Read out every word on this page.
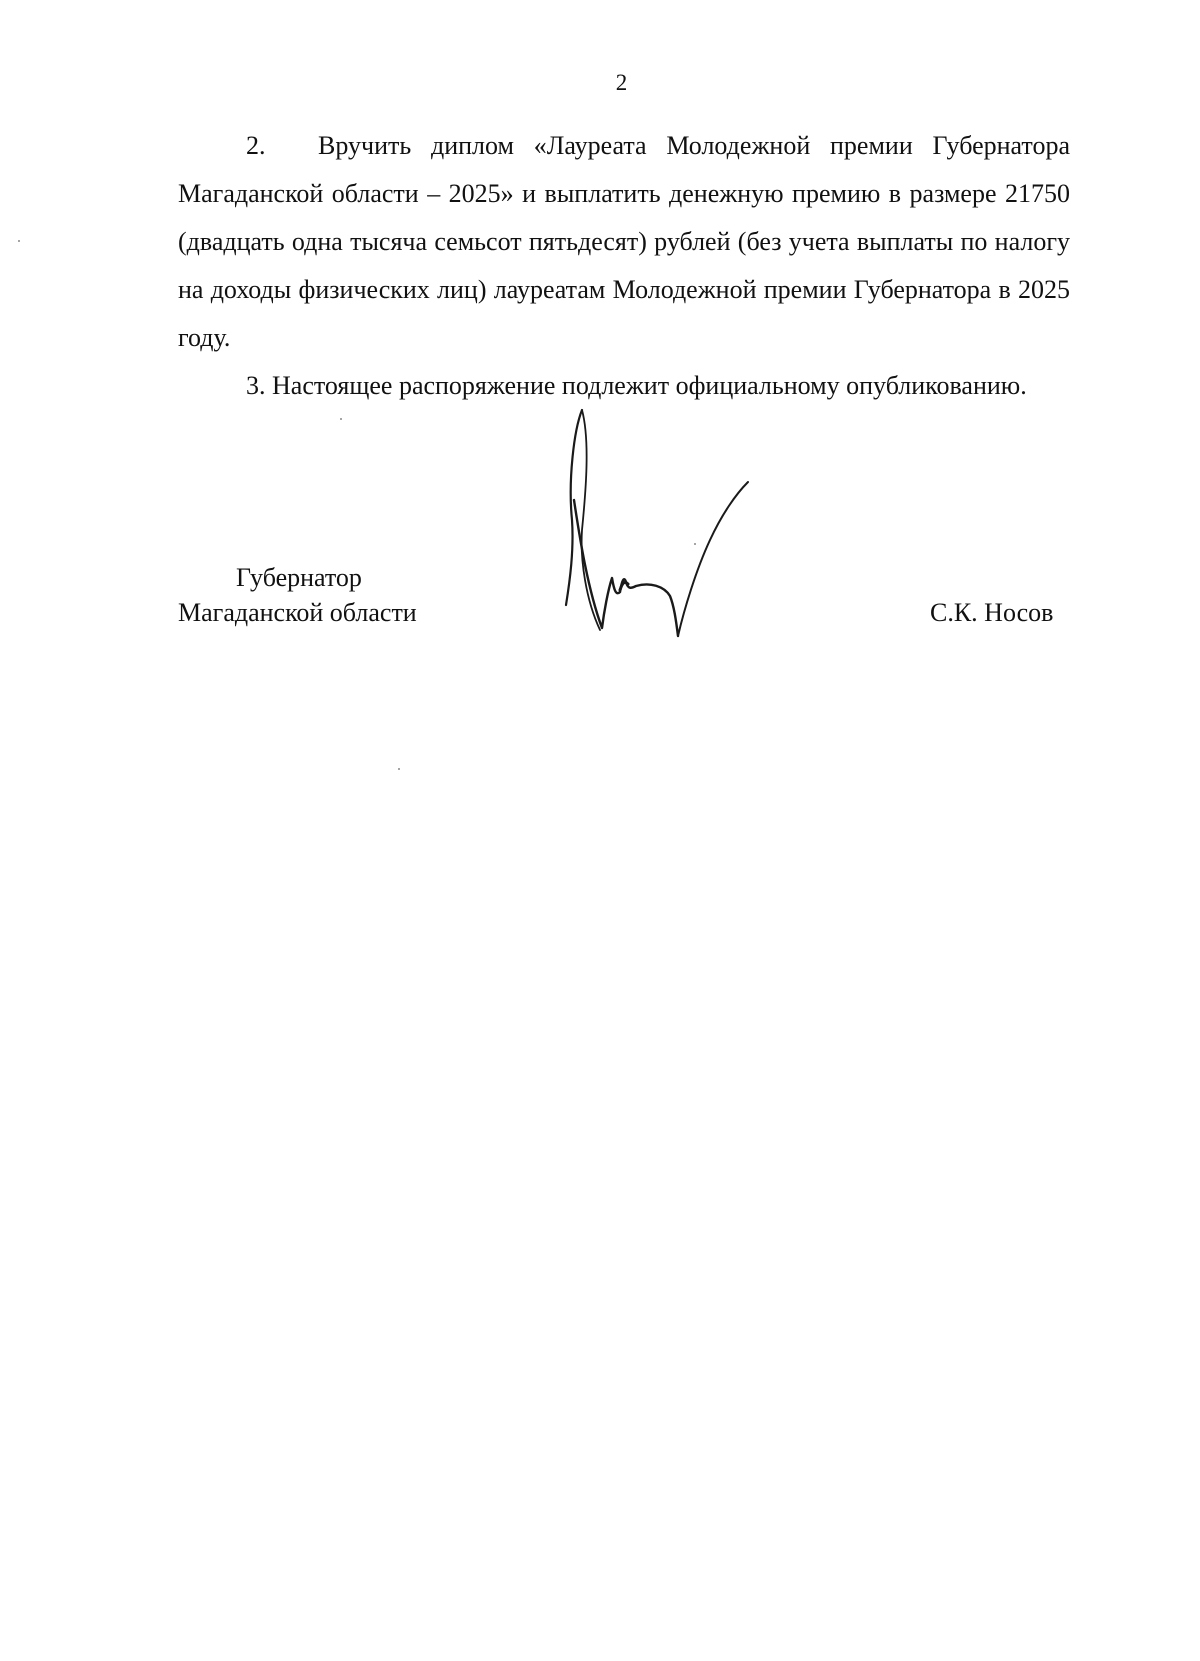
2
2. Вручить диплом «Лауреата Молодежной премии Губернатора Магаданской области – 2025» и выплатить денежную премию в размере 21750 (двадцать одна тысяча семьсот пятьдесят) рублей (без учета выплаты по налогу на доходы физических лиц) лауреатам Молодежной премии Губернатора в 2025 году.
3. Настоящее распоряжение подлежит официальному опубликованию.
Губернатор
Магаданской области	С.К. Носов
